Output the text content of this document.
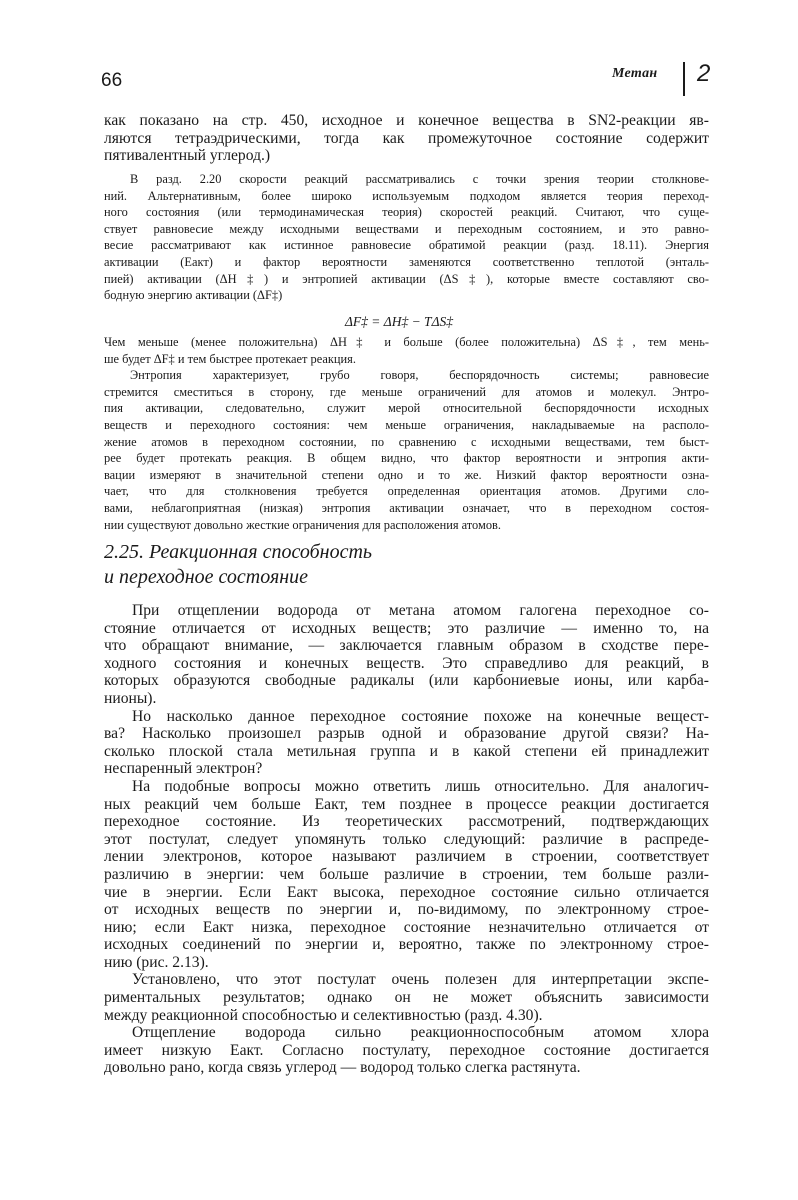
66	Метан 2
как показано на стр. 450, исходное и конечное вещества в SN2-реакции яв-
ляются тетраэдрическими, тогда как промежуточное состояние содержит
пятивалентный углерод.)
В разд. 2.20 скорости реакций рассматривались с точки зрения теории столкнове-
ний. Альтернативным, более широко используемым подходом является теория переход-
ного состояния (или термодинамическая теория) скоростей реакций. Считают, что суще-
ствует равновесие между исходными веществами и переходным состоянием, и это равно-
весие рассматривают как истинное равновесие обратимой реакции (разд. 18.11). Энергия
активации (Eакт) и фактор вероятности заменяются соответственно теплотой (энталь-
пией) активации (ΔH‡) и энтропией активации (ΔS‡), которые вместе составляют сво-
бодную энергию активации (ΔF‡)
ΔF‡ = ΔH‡ − TΔS‡
Чем меньше (менее положительна) ΔH‡ и больше (более положительна) ΔS‡, тем мень-
ше будет ΔF‡ и тем быстрее протекает реакция.
Энтропия характеризует, грубо говоря, беспорядочность системы; равновесие
стремится сместиться в сторону, где меньше ограничений для атомов и молекул. Энтро-
пия активации, следовательно, служит мерой относительной беспорядочности исходных
веществ и переходного состояния: чем меньше ограничения, накладываемые на располо-
жение атомов в переходном состоянии, по сравнению с исходными веществами, тем быст-
рее будет протекать реакция. В общем видно, что фактор вероятности и энтропия акти-
вации измеряют в значительной степени одно и то же. Низкий фактор вероятности озна-
чает, что для столкновения требуется определенная ориентация атомов. Другими сло-
вами, неблагоприятная (низкая) энтропия активации означает, что в переходном состоя-
нии существуют довольно жесткие ограничения для расположения атомов.
2.25. Реакционная способность
и переходное состояние
При отщеплении водорода от метана атомом галогена переходное со-
стояние отличается от исходных веществ; это различие — именно то, на
что обращают внимание, — заключается главным образом в сходстве пере-
ходного состояния и конечных веществ. Это справедливо для реакций, в
которых образуются свободные радикалы (или карбониевые ионы, или карба-
нионы).
Но насколько данное переходное состояние похоже на конечные вещест-
ва? Насколько произошел разрыв одной и образование другой связи? На-
сколько плоской стала метильная группа и в какой степени ей принадлежит
неспаренный электрон?
На подобные вопросы можно ответить лишь относительно. Для аналогич-
ных реакций чем больше Eакт, тем позднее в процессе реакции достигается
переходное состояние. Из теоретических рассмотрений, подтверждающих
этот постулат, следует упомянуть только следующий: различие в распреде-
лении электронов, которое называют различием в строении, соответствует
различию в энергии: чем больше различие в строении, тем больше разли-
чие в энергии. Если Eакт высока, переходное состояние сильно отличается
от исходных веществ по энергии и, по-видимому, по электронному строе-
нию; если Eакт низка, переходное состояние незначительно отличается от
исходных соединений по энергии и, вероятно, также по электронному строе-
нию (рис. 2.13).
Установлено, что этот постулат очень полезен для интерпретации экспе-
риментальных результатов; однако он не может объяснить зависимости
между реакционной способностью и селективностью (разд. 4.30).
Отщепление водорода сильно реакционноспособным атомом хлора
имеет низкую Eакт. Согласно постулату, переходное состояние достигается
довольно рано, когда связь углерод — водород только слегка растянута.
